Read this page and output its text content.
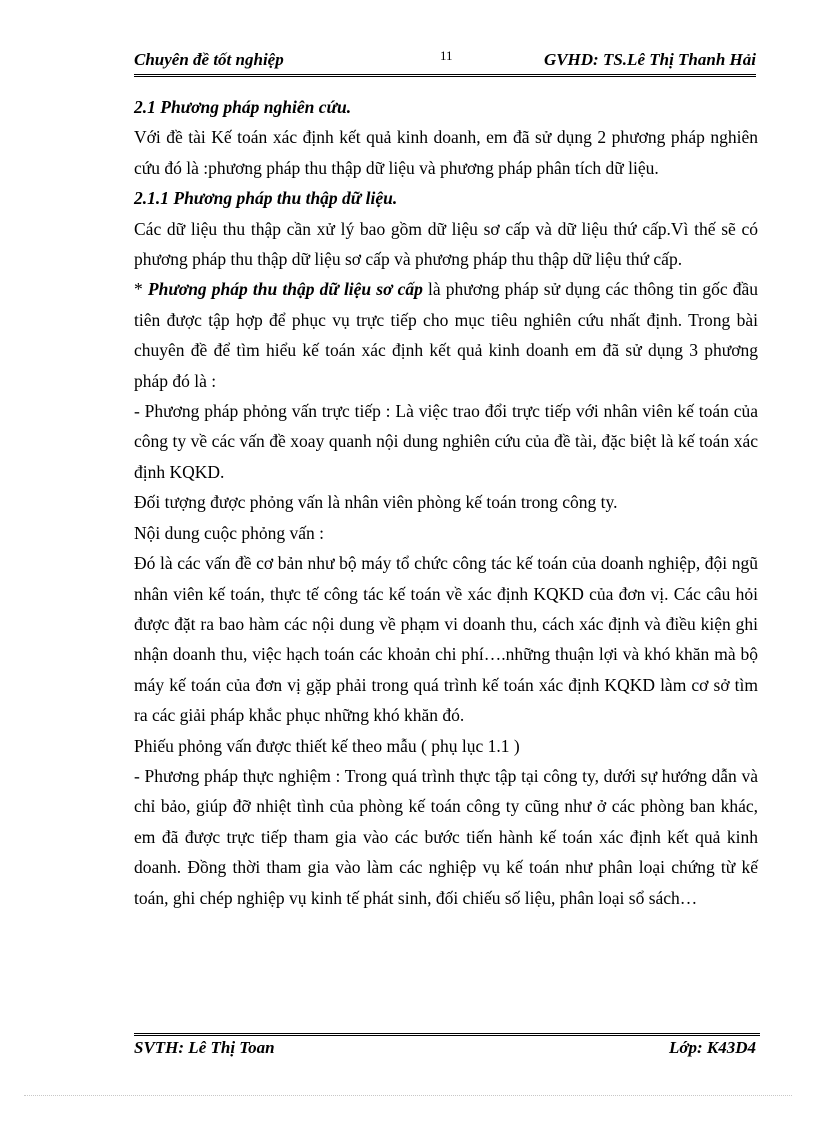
Chuyên đề tốt nghiệp	11	GVHD: TS.Lê Thị Thanh Hải

2.1 Phương pháp nghiên cứu.

Với đề tài Kế toán xác định kết quả kinh doanh, em đã sử dụng 2 phương pháp nghiên cứu đó là :phương pháp thu thập dữ liệu và phương pháp phân tích dữ liệu.

2.1.1 Phương pháp thu thập dữ liệu.

Các dữ liệu thu thập cần xử lý bao gồm dữ liệu sơ cấp và dữ liệu thứ cấp.Vì thế sẽ có phương pháp thu thập dữ liệu sơ cấp và phương pháp thu thập dữ liệu thứ cấp.

* Phương pháp thu thập dữ liệu sơ cấp là phương pháp sử dụng các thông tin gốc đầu tiên được tập hợp để phục vụ trực tiếp cho mục tiêu nghiên cứu nhất định. Trong bài chuyên đề để tìm hiểu kế toán xác định kết quả kinh doanh em đã sử dụng 3 phương pháp đó là :

- Phương pháp phỏng vấn trực tiếp : Là việc trao đổi trực tiếp với nhân viên kế toán của công ty về các vấn đề xoay quanh nội dung nghiên cứu của đề tài, đặc biệt là kế toán xác định KQKD.

Đối tượng được phỏng vấn là nhân viên phòng kế toán trong công ty.

Nội dung cuộc phỏng vấn :

Đó là các vấn đề cơ bản như bộ máy tổ chức công tác kế toán của doanh nghiệp, đội ngũ nhân viên kế toán, thực tế công tác kế toán về xác định KQKD của đơn vị. Các câu hỏi được đặt ra bao hàm các nội dung về phạm vi doanh thu, cách xác định và điều kiện ghi nhận doanh thu, việc hạch toán các khoản chi phí….những thuận lợi và khó khăn mà bộ máy kế toán của đơn vị gặp phải trong quá trình kế toán xác định KQKD làm cơ sở tìm ra các giải pháp khắc phục những khó khăn đó.

Phiếu phỏng vấn được thiết kế theo mẫu ( phụ lục 1.1 )

- Phương pháp thực nghiệm : Trong quá trình thực tập tại công ty, dưới sự hướng dẫn và chỉ bảo, giúp đỡ nhiệt tình của phòng kế toán công ty cũng như ở các phòng ban khác, em đã được trực tiếp tham gia vào các bước tiến hành kế toán xác định kết quả kinh doanh. Đồng thời tham gia vào làm các nghiệp vụ kế toán như phân loại chứng từ kế toán, ghi chép nghiệp vụ kinh tế phát sinh, đối chiếu số liệu, phân loại sổ sách…

SVTH: Lê Thị Toan	Lớp: K43D4
